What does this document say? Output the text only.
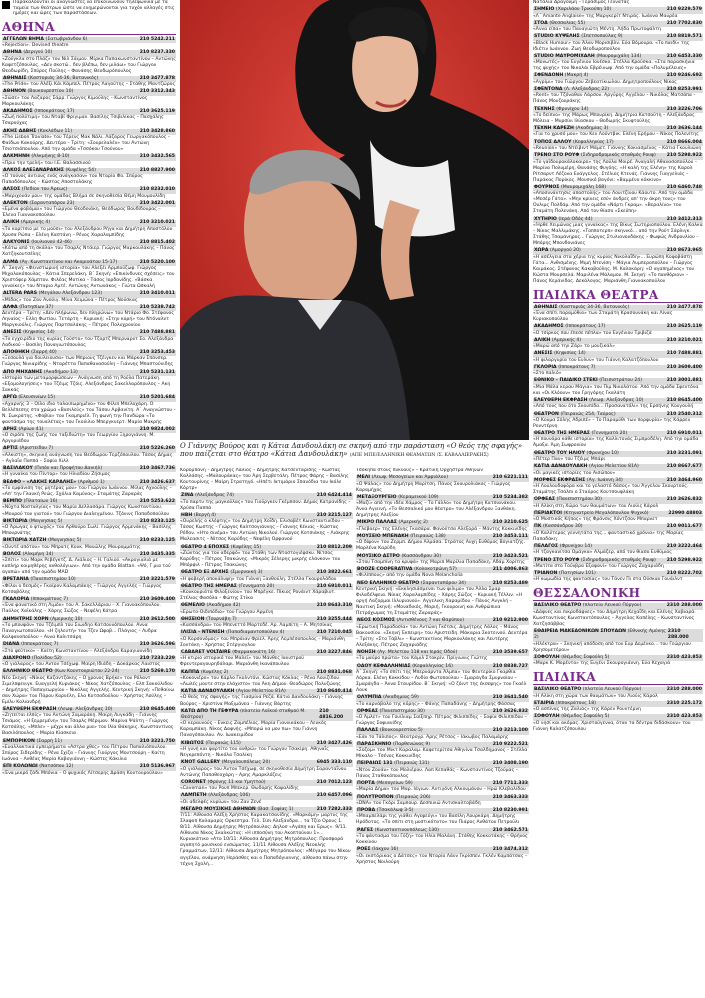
Παρακαλούνται οι αναγνώστες να επικοινωνούν τηλεφωνικά με τα ταμεία των θεάτρων ώστε να ενημερώνονται για τυχόν αλλαγές στις ημέρες και ώρες των παραστάσεων.
ΑΘΗΝΑ
ΑΓΓΕΛΩΝ ΒΗΜΑ (Σατωβριάνδου 6)	210 5242.211
«Rejection». Devised theatre
ΑΘΗΝΑ (Δεριγνύ 10)	210 8237.330
«Ζούγκλα στο Πλάζ» του Νιλ Σάιμον. Μίρκα Παπακωνσταντίνου – Αντώνης Καφετζόπουλος. «Δεν σκοτώ.. δεν βλέπω, δεν μιλάω» του Γιώργου Θεοδωρίδη. Σπύρος Πούλης – Φανάσης Θεοδωρόπουλος
ΑΘΗΝΑΙΣ (Καστοριάς 34-36, Βοτανικός)	210 3477.878
«The Pride» του Αλέξι Κάι Κάμπελ. Πέτρος Λαγούτης – Στάθης Μαντζώρος
ΑΘΗΝΟΝ (Βουκουρεστίου 10)	210 3312.343
«Σώσε» του Λαζαρος Σάρρ. Γιώργος Κιμούλης – Κωνσταντίνος Μαρκουλάκης
ΑΚΑΔΗΜΟΣ (Ιπποκράτους 17)	210 3625.119
«Ζωή πολύτιμη» του Νταβί Φριγιμαν. Βασίλης Τσιβιλίκας – Πασχάλης Τσαρούχας
ΑΚΗΣ ΔΑΒΗΣ (Κυκλάδων 11)	210 3428.860
«The Lisbon Traviate» του Τέρενς Μακ Νάλι. Λάζαρος Γεωργακόπουλος – Φαίδων Κακούρης. Δευτέρα – Τρίτη: «Σουρελαλέν» του Αντώνη Τσιοτσιόπουλου. Από την ομάδα «Τσσόκου Τσούνου»
ΑΛΚΜΗΝΗ (Αλκμήνης 8-10)	210 3432.565
«Πριν την τρελή» του Ι.Ε. Θαλασσινού
ΑΛΚΟΣ ΑΛΕΞΑΝΔΡΑΚΗΣ (Κυψέλης 54)	210 8827.900
«Ο τούνος άντιους ενός ανάγκασαν» του Νταρίο Φο. Σπύρος Παπαδόπουλος – Κώστας Αποστολάκης
ΑΛΣΟΣ (Πεδίον του Άρεως)	210 8232.010
«Μαριχουάν μου» της ομάδας Βλήμα σε σκηνοθεσία Θέμη Μουμουλίδη
ΑΛΕΚΤΟΝ (Σαρανταπόρου 23)	210 3422.001
«Εμένα φοβάμαι» του Γιώργου Θεοδοιάκη. Θεόδωρος Βουδίδουρας – Έλενα Γιαννακοπούλου
ΑΛΙΚΗ (Αμερικής 4)	210 3210.021
«Το κορίτσιο με το μούσι» του Αλεξάνδρου Ρήγα και Δημήτρη Αποστόλου. Χρυσα Ρώπα – Ελένη Καστάνη – Ρένος Χαραλαμπίδης
ΑΛΚΥΟΝΙΣ (Ιουλιανού 42-46)	210 8815.402
«Κάτω από τη σκάλα» του Τσαρλς Ντάιερ. Γιώργος Μαρκουλάκης – Πάνος Χατζηκουτσέλης
ΑΛΜΑ (Αγ. Κωνσταντίνου και Ακομινάτου 15-17)	210 5220.100
Α΄ Σκηνή: «Φεινστωρινή ιστορία» του Αλεξέι Αρμπούζωφ. Γιώργος Μιχαλακόπουλος – Κάτια Σπερελάκη. Β΄ Σκηνή: «Επικίνδυνες σχέσεις» του Χριστόφερ Χάμπτον. Φιλέας Μοτίκα – Τάσος Ιορδανίδης. «Βάσκα γυναίκες» του Νταριο Αμτέ. Αντώνης Αντωνάκος – Γιώτα Ωσκαλή
ALTERA PARS (Μεγάλου Αλεξάνδρου 123)	210 3410.011
«Μίδας» του Ζαν Ανούιγ. Μίνα Χειμώνα – Πέτρος Νούσκας
ΑΛΦΑ (Πατησίων 37)	210 5238.742
Δευτέρα – Τρίτη: «Δεν πλήρωνω, δεν πληρώνω» του Ντάριο Φο. Στέφανος Ληναίος – Ελλη Φωτίου. Τετάρτη – Κυριακή: «Στην κορή» του Ντόναλντ Μαργκιούλις. Γιώργος Παρτσαλάκης – Πέτρος Πολυχρονίου
ΑΝΕΣΙΣ (Κηφισίας 14)	210 7488.881
«Το εγχειρίδιο της κυρίας Γούστο» του Τζορτζ Μπερναρντ Σο. Αλεξάνδρα Λαδικού – Βασίλη Παναγιωτόπουλος
ΑΠΟΘΗΚΗ (Σαρρή 40)	210 3253.453
«Ξεσουλά για δουλειουσα» των Μπριους Τζέιγκεν και Μάρκαν Σπάνσερ. Γιώργος Νινιαρίδης – Νταρέττα Παπαθανασούλη – Γιάννης Μπαστούνιδης
ΑΠΟ ΜΗΧΑΝΗΣ (Ακαδήμου 13)	210 5231.131
«Ιστορία των μεταμορφώσεων – Ανάγνωση από τη Ρούλα Πατεράκη. «Εξομολογήσεις» του Τζέιμς Τζόις. Αλεξάνδρος Σακελλαρόπουλος – Ακη Σακκάς
ΑΡΓΩ (Ελευσινίων 15)	210 5201.684
«Αχαρνής 3 – Οίλο ιδιο ταλαιπωρημένο» του Φίλιπ Μπελοχάρη. Ο Βελλέπεσης στα χρώμα «Βασιλεύς» του Τάσου Αρβανίτη. Α΄ Αναγνώστου – Ν. Σωκράτης. «Φοβία» του Γκαμπριέλ. Τη φωνή την Πανδώρα «Το φαντάσμα της τουαλέτας» του Γκούιλιο Μπεργκνερτ. Μαρία Μακρής
ΑΡΗΣ (Αρίων 41)	210 9824.002
«Ο σιρόπι της ζωής του ταξιδιώτη» του Γεωργίου Ξηρογιάννη. Μ. Αργυριάδου
ΑΡΤΙΣ (Αριστείδου 7)	210 5226.260
«Αλκιστη», σκηνική ανάγνωση του Θεόδωρου Τερζόπουλου. Τάσος Δήμας – Αγλαΐα Παππά – Σοφία Χιλλ
ΒΑΣΙΛΑΚΟΥ (Πιπόν και Προφήτου Δανιήλ)	210 3467.736
«Η γυναίκα του Πίντορ» του Ηλιαδίου Ζήσιμος
ΒΕΑΦΟ – «ΛΑΚΗΣ ΚΑΡΑΛΗΣ» (Αριθμού 1)	210 3426.637
«Το εμφάνιση της μητέρας μου» του Γιώργου Ιωάννου. Μίλας Αχνούλης – «Απ' την Γλαυκή Ρεώς. Σχόλια Καμύνας» Σταμάτης Ζαραράς
ΒΕΜΠΟ (Πλαταίων 16)	210 5253.622
«Νύχτα Νοσταλγίας» του Μαρία Δελλασάρα. Γιώργος Κωνσταντίνου. «Μουρού του γιατού» του Γιώργου Διαλεγμένου. Τζόνινς Παπαδοπούλου
ΒΙΚΤΩΡΙΑ (Μαγνησίας 5)	210 8233.125
«Ο Άρωγας ο φτωχός» του Αρθούρο Σωλί. Γιώργος Αρμενάκης – Βασίλης Μπουρνάτης
ΒΙΚΤΩΡΙΑ ΧΑΤΖΗ (Μαγνησίας 5)	210 8233.125
«Ουντέ απότου» του Μπρατς Κουκ. Μανώλης Μαυρομμάτης
ΒΟΛΟΣ (Αλκμήνη 14)	210 3435.335
«Σπίτι» του Μαρκ Ρεβέγκτζ. Δ. Λιάλιος – Η. Γαλιού. «Ακρογιαλιά με καπλήρ κοιμηθέρης ανθολόγιων». Από την ομάδα Blattan. «Ψό, Γ μια τού αγαπώ» από την ομάδα MAD
ΒΡΕΤΑΝΙΑ (Πανεπιστημίου 10)	210 3221.579
«Φίλοι ο δεσμός» Γκαίρον Καλαμπάκης – Γιώργος Αγγελής – Γιώργος Κοτσοβόλης
ΓΚΑΛΟΡΙΑ (Ιπποκράτους 7)	210 3609.400
«Ένα φανατικό στη Λιμόν» του Α. Σακελλάριου – Χ. Γιαννακόπουλου. Παύλος Χαϊκάλης – Χάρης Σώζος – Νεφέλη Κάτρα
ΔΗΜΗΤΡΗΣ ΧΟΡΝ (Αμερικής 10)	210 3612.500
«Το μπουφάν» του Τζέιμπλ του Σιωιδηο Κατσουνόπουλου. Αννα Παναγιωτοπούλου. «Η ζηλευτή» του Τζεν Ωφαβ... Πλάγιος – Λυδρα Καλφανοπούλου – Αννα Καλιτσάρη
DIANA (Ιπποκράτους 7)	210 3626.596
«Στο ψεύτικο» – Καίτη Κωνσταντίνου – Αλεξάνδρα Καραγιαννίδη
ΔΙΑΧΡΟΝΟ (Πολίδου 52)	210 7233.229
«Ο γιάλαρος» του Αντον Τσέχωφ. Μαίρη Ιδιάδη – Δοκάρκας Λαιστος
ΕΛΛΗΝΙΚΟ ΘΕΑΤΡΟ (Κων Κουντουριώτου 22-24)	210 5269.170
Νέο Σκηνή: «Νίκος Καζαντζάκης – Ο χρονος Βρήκε» του Ρόλαντ Σιμελπφενιγκ. Ευαγγελή Κυριάκος – Νίκος Χατζόπουλος – Ελπ Σακούλιδου – Δημήτρης Παπαγεωργίου – Νικόλας Αγγελής. Κεντρική Σκηνή: «Πεθαίνω σαν Χώρα» του Πάρου Κορνέλη. Ελα Κοτσαδούλου – Χρήστος Λούλης – Εμίλυ Κολιανδρή
ΕΛΕΥΘΕΡΗ ΕΚΦΡΑΣΗ (Λεωφ. Αλεξάνδρας 10)	210 8645.400
«Ζητείται ελπίς» του Αντώνη Σαμαράκη. Μαίρη Λυγκάδη – Γιάννης Τσιάμος. «Η ξεμρεμένη» του Τσαρλς Μέριμαν. Μαρίνα Ψάλτη – Γιώργος Κατσάλης. «Μπλε» – μέχρι και άλλα μια» του Ιλία Θάκηρις. Κωνσταντίνος Βασιλόπουλος – Μαρία Κίασκεια
ΕΜΠΟΡΙΚΟΝ (Σαρρή 11)	210 3221.750
«Ευαλλακτικά εμπειρήματα «Αστρα χθες» του Πέτρου Παπαλιόπουλου. Σπύρος Σιδερίδης – Ρένα Σχίζα – Γιάννης Γιούργος Μουτσούρη – Καίτη Ιωάννα – Ανθέας Μαρία Καβογιάννη – Κώστες Κάκιλια
ΕΠΙ ΚΟΛΩΝΩΙ (Νατσόπου 12)	210 5136.967
«Ένα μικρό ζάδι Μπόνια – Ο ψυχικός Λίτσερης Δράση Κουτουρούλου»
Ο Γιάννης Βούρος και η Κάτια Δανδουλάκη σε σκηνή από την παράσταση «Ο θεός της σφαγής» που παίζεται στο θέατρο «Κάτια Δανδουλάκη» (ΑΠΕ ΜΠΕ/ΕΛΛΗΝΙΚΗ ΘΕΑΜΑΤΩΝ /Σ. ΚΑΒΑΛΛΙΕΡΑΚΗΣ)
Κορομπάνη – Δημήτρης Λάλιος – Δημήτρης Κατσενταρίδης – Κώστας Καλλάσης. «Μαλουράκας» του Άρη Σερβετάλη. Πέτρος Φάρης – Βασίλης Κουτουρίνης – Μαίρη Στρατηγό. «Ηπέτι Ιατιμάριο Σπανόδια του Ικόλε Κόρτρ»
ΖΙΝΑ (Αλεξάνδρας 74)	210 6424.414
«Το παρτυ της μαγκούλας» του Γιούργκεν Γκέμπσον. Δήμος Κατρανίδης – Χρύσα Παππά
ΗΒΗ (Βεργή 4)	210 3215.127
«Ουρελής ο κλέφτης» του Δημήτρη Χοΐδη. Ελισαβέτ Κωνσταντινίδου – Τάσος Κωστής – Γιώργος Καλτσογιάννης – Γιάννης Κέκιας – Κώστας Ρόδον. «Ητο σινέμα» του Αντώνη Νικολού. Γιώργος Κοτσιάκης – Λιάκρης Μαλεασιτς – Νίτσος Καρύδης – Νεφέλη Ορφανού
ΘΕΑΤΡΟ 4 ΕΠΟΧΕΣ (Κυψέλης 15)	210 8812.209
«Ζώντας για τον αδερφό» του Στάθη των Ντοστογιέφσκυ. Νίτσος Καρύδης – Πέτρος Τσακώνης. «Μικρός Σέλερης μικρής ελάνκον» του Μπόρφιλ – Πέτρος Τσακώνης
ΘΕΑΤΡΟ ΕΞ ΑΡΧΗΣ (Σμυρναική 3)	210 3822.661
«Η φοβερή αποκάλυψη» του Γιάννη Ξανθούλη. Στέλλα Γκουρολάδου
ΘΕΑΤΡΟ ΤΗΣ ΗΜΕΡΑΣ (Γεννηματά 20)	210 6910.011
«Κουκουριάτα Φιλοξενίου» του Μπρέγκε. Πίκιος Ρονάιντ Χάραβιντ. Στέλιος Φασόλα – Φώτης Στίκα
ΘΕΜΕΛΙΟ (Ακαδήμου 42)	210 8643.310
«Ερωτο-Οιδιπόδιο» του Γιώργου Αρμένη
ΘΗΣΕΙΟΝ (Τουρνάβη 7)	210 3255.444
«Κασσάνδρα» του Μπενεττό Μαρτεδέ. Αρ. Λαμπίτη – Α. Μητσίκας
ΙΛΙΣΙΑ – ΝΤΕΝΙΣΗ (Παπαδιαμαντοπούλου 4)	210 7210.045
«Ο Κορσονόμος» του Μπράιαν Φρίελ. Άρης Λεμπέσοπουλος – Μαριάνθη Σοντάκη – Χρήστος Στέργιογλου
CABARET VOLTAIRE (Φαρμακοκάτη 16)	210 3227.846
«Η κτιριο ιστορικό του Μαλεϊ» του Μάνθες Ιανιστρού Φρεντεραγουρηδάλαρι. Μαριάνθη Ικανάπουλου
ΚΑΠΠΑ (Κυψέλης 2)	210 8831.068
«Κοκονιέρο» του Κάρλο Γκολντόνι. Κώστας Κόκλας – Ρένα Λουιζίδου. «Λωλές μουτε στην ελάχιστο» του Άκη Δήμου. Θεοδώρος Πολυζώνης
ΚΑΤΙΑ ΔΑΝΔΟΥΛΑΚΗ (Αγίου Μελετίου 81Α)	210 8640.414
«Ο θεός της σφαγής» της Γιασμίνα Ρεζά. Κάτια Δανδουλάκη – Γιάννης Βούρος – Χριστίνα Μαξιμάνεα – Γιάννης Βάρτης
ΚΑΤΩ ΑΠΟ ΤΗ ΓΕΦΥΡΑ (πλατεία Λαϊκού σταθμού Μ. Θεάτρου)
210 4816.200
«Ο κεραυνούς – Ενκεις Ζαμπέλιος. Μαρία Γιαννικάκου – Λευκός Καραμπάκη. Νίκος Δαφνής. «Μπορώ να μου πω» του Γιάννη Παναγόπουλου. Αν. Ιωακειμίδου
ΚΙΒΩΤΟΣ (Πειραιώς 115)	210 3427.426
«Η γυνή και φαρτίτο του ανθρώ» του Γιώργου Τσακίρη. Αθηναΐς Νεγκρεπόντη – Νικόλα Τσαλίκη
KNOT GALLERY (Μεγαλουπόλεως 20)	6945 333.110
«Ο γιάλαρος» του Άντον Τσέχωφ, σε σκηνοθεσία Δημήτρη Σαρανταΐνου. Αντώνης Παπαθεοχάρη – Αρης Αμαρκλόζεις
CORONET (Φρύνης 11 και Υμηττού)	210 7012.123
«Caveman» του Ρουπ Μπεκερ. Θωδορής Κοψαλίδης
ΛΑΜΠΕΤΗ (Αλεξάνδρας 106)	210 6457.096
«Οι αδελφές κυρίων» του Ζαν Ζενέ
ΜΕΓΑΡΟ ΜΟΥΣΙΚΗΣ ΑΘΗΝΩΝ (Βασ. Σοφίας 1)	210 7282.333
7/11: Αίθουσα Αλέξη Χρήστος Καρακατσανίδης. «Μαρκάμη» μαρτυς της Σλαφοπ Καλαμαρίς Ορκεστρα. Τελ. Σίσι Αλεξάνδρα... τα Τζίο Ορους 1. 8/11. Αίθουσα Δημήτρης Μητρόπουλος: Δηλοσ «Αγάπη και Έρως». 9/11. Αίθουσα Νίκος Σκαλκώτας: «Η ιπποσύνη του Ακοπτούνου 1»… Κυριακάτικο «Ατο 10/11: Αίθουσα Δημήτρης Μητρόπουλος: Προσφορά αγαπητό μουσικού ενσώματος. 11/11 Αίθουσα Αλέξης Νεοκλής Γραμμάτων, 12/11: Αίθουσα Δημήτρης Μητρόπουλος: «Μέγαρο του Νίκου αγγέλου, ανάμνηση Ηεράσθες και ο Παπαδόγιαννης, αίθουσα πάνω στην τέχνη Σχολή...
Τσόκηπα στους πυκνούς» – Κρατική Ορχήστρα Αθηνών
ΜΕΛΙ (Λεωφ. Μεσογείων και Αμφιάλου)	210 6221.111
«Ο Ψάλας» του Δημήτρη Μαρίτση. Πάνος Σκουρολιάκος – Γιώργος Καραμήχος
ΜΕΤΑΞΟΥΡΓΕΙΟ (Κεραμεικού 109)	210 5234.382
«Μαζί» από την ιδέα Χάμρος – Το Γάλλο» του Δημήτρη Κατσιανάκου. Άννα Αγιεινή. «Το Θεσσαλικό μου θέατρο» του Αλέξανδρου Ξανθάκη. Δημήτρης Αλεξίου
ΜΙΚΡΟ ΠΑΛΛΑΣ (Αμερικής 2)	210 3210.625
«Γλεβοερ» της Ελένης Γκασάρα. Φανούτσα Αλεξορά – Μάντης Κοκκινίδης
ΜΟΥΣΕΙΟ ΜΠΕΝΑΚΗ (Πειραιώς 138)	210 3453.111
«Ο δίψον» του Ζερμπ. Δήμου Αλμάσα. Στράτος Αυχη Ευθύμος Βογιατζής. Μαρλένα Καρύδη
ΜΟΥΣΙΚΟ ΑΣΤΡΟ (Κασσάνδρου 30)	210 3423.521
«Στου Τσαμπίνη τα κρυφά» της Μαριπ Μαρίλια Παπαδάκη. Αδάμ Χορίτης
BOOZE COOPERATIVA (Κολοκοτρώνη 57)	211 4006.863
«Φιλίππους» από την ομάδα Nova Melancholia
ΝΕΟ ΕΛΛΗΝΙΚΟ ΘΕΑΤΡΟ (Σαρανταπόρου 34)	210 8253.489
Κεντρική Σκηνή: «Εκκλησιάσμενοι των φιλιμο» του Άλλα Σμαρ Φιλαδέλφεια. Νίκας Χαραλαμπίδης – Χάρης Σώζος – Κυριακή Τέλλιν. «Η οργή Λαζορμαι Ιλλυριανού». Αγγελικη Χαραμίδου – Πάνος Ανγκλή – Ναυτική Σκηνή: «Μοναδικός, Μαριή, Γκουροινή και Ανθρώπινα Πετρόχωμας τη Σταμάτης Ζαραράς»
ΝΕΟΣ ΚΟΣΜΟΣ (Αντισθένους 7 και Θαρύπου)	210 9212.900
«Ερωτική Παραδοσία» του Αντώνη Γκέτσις. Δημήτρης Λάλος – Μάνος Βακουσίου. «Σκηνή Έκπειρη» του Αριστείδη. Μάκαρια Σκοτεινού. Δευτέρα – Τρίτη: «Στο Τάβλι» – Κωνσταντίνος Μαρκουλάκης και Λευτέρης Αλεξάκης. Πέτρος Ζαχαριάδης
ΝΟΗΣΗ (Αγ. Μελετίου 118 και Ιεράς Οδού)	210 3539.657
«Το μαύρο πρώτα» του Κάμιλ Στοκρίν. Πρίγιωνις Γιώτης
ΟΔΟΥ ΚΕΦΑΛΛΗΝΙΑΣ (Κεφαλληνίας 16)	210 8838.727
Α΄ Σκηνή: «Το σπίτι της Μπερνάρντα Άλμπα» του Φεντερίκο Γκαρθία Λόρκα. Ελένη Κοκκίδου – Λυδία Φωτοπούλου – Σμαράγδα Σμυρναίου – Σμαράγδα – Άννα Σταυρίδου. Β΄ Σκηνή: «Ο ζόιντ της έκσεψης» του Γκαέλ Λουκ
ΟΛΥΜΠΙΑ (Ακαδημίας 59)	210 3641.540
«Το καρνάβαλο της κόρης» – Φάνης Παπαδάνης – Δημήτρης Φάσσας
ΟΡΦΕΑΣ (Πανεπιστημίου 30)	210 3626.832
«Ο Άμλετ» του Γουίλιαμ Σαίξπηρ. Πέτρος Φιλιππίδης – Σοφία Φιλιππίδου – Γιώργος Σοφιανίδης
ΠΑΛΛΑΣ (Βουκουρεστίου 5)	210 3213.100
«Εάν το Τάλιπος». Θεατρογρ. Άρης Ρέτσος – Ιάκωβος Παλαμάρης
ΠΑΡΑΣΚΗΝΙΟ (Παρθενώνος 9)	210 9222.521
«Σοζομ» του Μικτ Καραλαμ. Καφετερίτσα Αθηνίνα Τσαλδημανος – Στέλλα Μίκαλο – Τσένος Κοκκινίδης
ΠΕΙΡΑΙΩΣ 131 (Πειραιώς 131)	210 3408.190
«Ντον Ζουάν» του Μολιέρου. Λαπ Κεπαθάς – Κωνσταντίνος Τζούμας – Πάνος Σταθακόπουλος
ΠΟΡΤΑ (Μεσογείων 59)	210 7711.333
«Μαρία Δήμα» του Μαρ. Ιάγιων. Αντιγόνη Αλκουμάνου – Ηρώ Κλεβαλίδου
ΠΟΛΥΤΡΟΠΟΝ (Πειραιώς 206)	210 3463.333
«DNA» του Γκόρι Σαμπουρ. Δεσπινιώ Αντισκαλτοβάδη
ΠΡΟΒΑ (Τσακάλωφ 3-5)	210 8230.991
«Μπαμπελάρι της γιάθει Αγεφεύγι» του Βασίλη Λουρκάρη. Δημήτρης Ηρόδοτος. «Το σπίτι στη μυστικότατο» του Πιάρος Ανθάτου Πετρούλι
ΡΑΓΕΣ (Κωνσταντινουπόλεως 130)	210 3462.571
«Το φάντασμα του Γύζη» του Ηλία Μαλάνη. Στάθης Κοκκοτάκης – Θρήνος Κοκκίνου
ΡΟΕΣ (Ιάκχου 16)	210 3474.312
«Οι εκστόρικας ο Δάτσες» του Νταρίο Λάνν Γκρίσπεν. Γκλέν Καμπάτσας – Χρήστος Νοιλούρη
Νατάλια Δραγούμη – Γεράσιμος Γεννατάς
ΣΗΜΕΙΟ (Χαριλάου Τρικούπη 10)	210 9229.579
«Λ΄ Amante Anglaise» της Μαργκερίτ Ντιράς. Ιωάννα Μαυρέα
ΣΤΟΑ (Θεσσαλίας 55)	210 7702.830
«Άννα είπα» του Παναγιώτη Μέντη. Λήδα Πρωτοψάλτη
STUDIO ΚΥΨΕΛΗΣ (Σπετσοπούλας 9)	210 8819.571
«Black Humour» του Άλαν Μορισιβλν. Εύα Βόμουρα. «Το παιδί» της Ιδιέτιν Ιωάννου. Ζωή Θεοδωροπούλου
STUDIO ΜΑΥΡΟΜΙΧΑΛΗ (Μαυρομιχάλη 134)	210 6453.330
«Μονωτές» του Ευγένιου Ιονέσκο. Στέλλα Κρούσκα. «Στα παρασκήνια της ψυχής» του Νικολάι Εβρέινωφ. Από την ομάδα «Πολυμέλειας»
ΣΦΕΝΔΟΝΗ (Μακρή 4)	210 9246.692
«Αγρίμι» του Γιώργου Ζεβεατίκιωλου. Δημητροπούλους Νίκος
ΣΦΕΝΤΟΝΑ (Λ. Αλεξάνδρας 22)	210 8253.991
«Rent» του Τζόναθαν Λάρσον. Αργύρης Αγγέλου – Νικόλας Ματσάπα – Πάνος Μουζουράκης
ΤΕΧΝΗΣ (Φρυνίχου 14)	210 3226.706
«Το δείπνο» της Μάρως Μπουρίκη. Δημήτρια Κατσούτη – Αλεξάνδρας Μόλεια – Μυρσίνι Ιλίασκου – Θοδωρής Σκυφτούλης
ΤΕΧΝΗ ΚΑΡΕΖΗ (Ακαδημίας 3)	210 3636.144
«Για το χρυσό μου» του Κεν Λούντβικ. Ελένη Ερήμου – Νίκος Πολενίτης
ΤΟΠΟΣ ΑΛΛΟΥ (Κεφαλληνίας 17)	210 8666.004
«Reunion» του Ντέιβιντ Μάμετ. Γιάννης Κοκιασμένος – Κάτια Γκουλιώνη
ΤΡΕΝΟ ΣΤΟ ΡΟΥΦ (Σιδηροδρομικός σταθμός Ρουφ) 210 5298.922
«Το γαϊδουροκάλοκαιρο» της Λούλα Μοιρέ. Αναγαλή Αθανασοπούλου – Μαρίνα Πολυμέρη, Θανάσης Φυγόης. «Η καλή της Ελένη» της Καρολ Ρίτσαρντ Λέζονα Ευάγγελος. Στέλιος Κτενάς. Γιάννης Γιαγγελιάς – Παράκας Πορίκος. Μουσικό βαγόνι: «Βαμμένο κόκκινο»
ΦΟΥΡΝΟΣ (Μαυρομιχάλη 168)	210 6460.748
«Αποσυνάντησις αποστολής» του Λουιτζίνου Κάουτο. Από την ομάδα «Μεσέρ Γάτο». «Μην κρίνεις εσύ» άνδρες απ' την άκρη τους» του Ουλιμς Πολδάμ. Από την ομάδα «Νόρτι Γκραμ». «Βεραλίνο» του Σταμάτη Πολενάκη. Από τον θίασο «Σκεύπη»
ΧΥΤΗΡΙΟ (Ιερά Οδός 44)	210 3412.313
«Ήρθε Χειμώνας μιας γυναίκας» της Βίκυς Σωτηριοπούλου. Ελένη Καλκα – Νίκος Μαλλιμάκης. «Τοπποτερπ» σκηνικό... από την Ρούτ Σάρλιγκ. Στάθης Τσαμάνηρος... Γιώργος Στυλιανουδάκης – Φωφώς Ανδρουλίου – Μπόρης Μπονδονιάνες
ΧΩΡΑ (Αμοργού 20)	210 8673.965
«Η ασέλγεια στα χέρια της κυρίας Νικολαΐδη»... Ευρώπη Κοφοβάστη Γάτα... Ανθισμένης. Μιμή Ντενίση – Μάγια Λυμπεροπούλου – Γιώργος Καιμάκος. Στέφανος Κακαβούλης. Μ. Καλοκάρη: «Ο αγαπημένος» του Κώστα Μουρσελά. Μαριλένα Μάλαμου. Μ. Σκηνή: «Το πανθόριον» – Πάνος Κεμάνιδος. Δεκάλογος. Μαριάνθη Γιαννακοπούλου
ΠΑΙΔΙΚΑ ΘΕΑΤΡΑ
ΑΘΗΝΑΙΣ (Καστοριάς 34-36, Βοτανικός)	210 3477.878
«Ένα σπίτι παραμύθια» των Σταμάτη Κρασουνάκη και Λίνας Κυριακοπούλου
ΑΚΑΔΗΜΟΣ (Ιπποκράτους 17)	210 3625.119
«Ο τσίρκος που έπεσε πέπλα» του Ευγένιου Τριβιζά
ΑΛΙΚΗ (Αμερικής 4)	210 3210.021
«Μαρώ από την Ζάρ» το μουζικάλ»
ΑΝΕΣΙΣ (Κηφισίας 14)	210 7488.881
«Η φιλαργυρία του Ευλυν» του Γιάννη Καλατζόπουλου
ΓΚΛΟΡΙΑ (Ιπποκράτους 7)	210 3609.400
«Στο παλιό»
ΕΘΝΙΚΟ – ΠΑΙΔΙΚΟ ΣΤΕΚΙ (Πεισιστράτου 24)	210 3001.881
«Μια Μάλα κεραυ Μάγια» του Πιμ Νικολάτου. Από την ομάδα Σφεντόνα και «Οι Κλόουν» του Γρηγόρης Γκαλάτη
ΕΛΕΥΘΕΡΗ ΕΚΦΡΑΣΗ (Λεωφ. Αλεξάνδρας 10)	210 8645.400
«Από τους που ότο Σκουπίδα... Προσανατόλι» της Ερσήνης Κουγουλή
ΘΕΑΤΡΟΝ (Πειραιώς 254, Ταύρος)	210 2540.312
«Ο Κουμα Σόλης Αδριπέ» – Το Παραμύθι των πορφυρία» της Κάρρεν Ρουντέρνη
ΘΕΑΤΡΟ ΤΗΣ ΗΜΕΡΑΣ (Γεννηματά 20)	210 6910.011
«Η πουνόρα κάθε ιστορία» της Καλλιτονάς Σιμπροδέλη. Από την ομάδα Άμαξα. Άμη Σωφρονίου
ΘΕΑΤΡΟ ΤΟΥ ΗΛΙΟΥ (Φρυνίχου 10)	210 3231.091
«Πέτερ Παν» του Τζέιμς Μπάρι
ΚΑΤΙΑ ΔΑΝΔΟΥΛΑΚΗ (Αγίου Μελετίου 81Α)	210 8667.677
«Οι μαγικές ιστορίες του Αισώπου»
ΜΟΡΦΕΣ ΕΚΦΡΑΣΗΣ (Αγ. Ιωάννη 34)	210 3464.960
«Η Λουλουδοφόρα και το γελαστό δάσος» του Άγγελου Σκουρτούς. Σταμάτης Τσάλπι ο Σταύρος Κουτσουφλάκη
ΟΡΦΕΑΣ (Πανεπιστημίου 30)	210 3626.832
«Η Αλίκη στη Χώρα των θαυμάτων» του Λιούις Κάρολ
ΠΕΡΙΑΚΤΟΙ (Κτηνιατρείο Μεγαλόπουλου Ψυχικό)	22990 48803
«Ο Μυστικός Κήπος» της Φράνσις Χόντζσον Μπαρνετ
ΠΚ (Κασσάνδρου 30)	210 9011.677
«Ο Καλύτερος γεννητάτα της... φανταστικό χρόνια» της Μαρίας Παπαδάκη
ΠΕΛΑΓΟΣ (Φρυνίχου 14)	210 3222.464
«Η τζαγκανίτσα Ομάγκα» Αλμάζερ, από τον θίασο Ευθύμιος
ΤΡΕΝΟ ΣΤΟ ΡΟΥΦ (Σιδηροδρομικός σταθμός Ρουφ) 210 5298.922
«Ματίτα στο Τούνβρα Εξαφανί» του Γιώργος Ζαχαριάδη
ΤΡΙΑΝΟΝ (Πατησίων 101)	210 8222.702
«Η κωμωδία της φαντασίας» του Τάνεν Πι στα Ούσκαν Γουάιλντ
ΘΕΣΣΑΛΟΝΙΚΗ
ΒΑΣΙΛΙΚΟ ΘΕΑΤΡΟ (πλατεία Λευκού Πύργου)	2310 288.000
«Δάφνες και πικροδάφνες» του Δημήτρη Κεχαΐδη και Ελένης Χαβιαρά. Κωνσταντίνος Κωνσταντόπουλος – Άγγελος Καπέλης – Κωνσταντίνος Χατζησάββας
ΕΘΑΙΡΕΙΑ ΜΑΚΕΔΟΝΙΚΩΝ ΣΠΟΥΔΩΝ (Εθνικής Αμύνης 2)
2310 288.000
«Ηλέκτρα» – Σκηνική απόδοση από τον Ευρ Δεμένκο... του Γεώργιου Χρησομετέρου»
ΣΟΦΟΥΛΗ (Θέμιδος Σοφούλη 5)	2310 423.853
«Μαρκ Κ. Μορέντο» της Ευγένι Σκουρογιάννη. Εύα Κεχαγιά
ΠΑΙΔΙΚΑ
ΒΑΣΙΛΙΚΟ ΘΕΑΤΡΟ (πλατεία Λευκού Πύργου)	2310 288.000
«Η Αλίκη στη χώρα των θαυμάτων» του Λιούις Κάρολ
ΕΤΑΙΡΙΑ (Ιπποκράτους 18)	2310 225.172
«Ο ασπίνας της Ζαλιάς» της Κάρεν Ρουντέρνη
ΣΟΦΟΥΛΗ (Θέμιδος Σοφούλη 5)	2310 423.853
«Ο νησί και ακόμας. Χριστούγεννα, όταν τα δέντρα διδάσκουν» του Γιάννη Καλατζόπουλου
